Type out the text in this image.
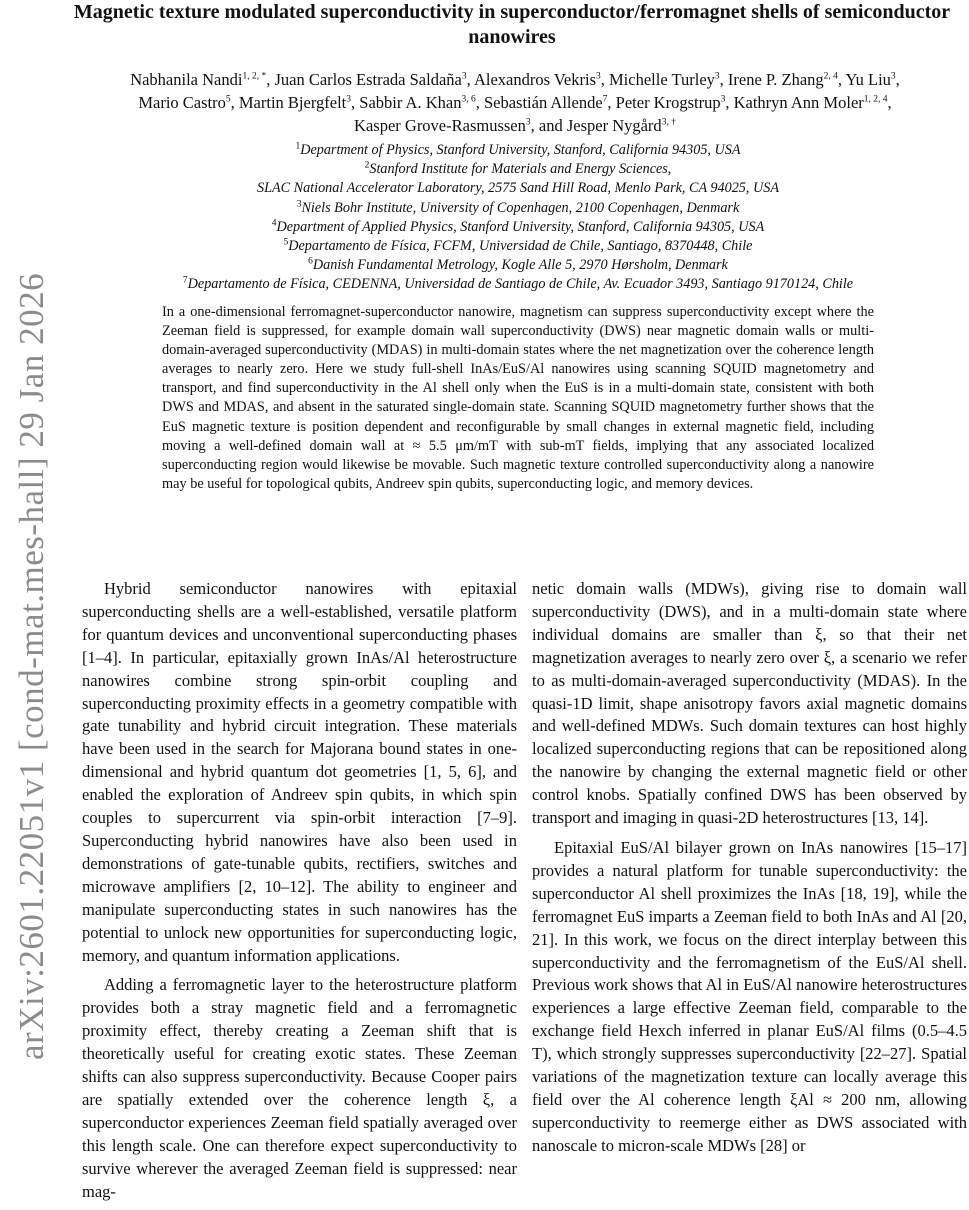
arXiv:2601.22051v1 [cond-mat.mes-hall] 29 Jan 2026
Magnetic texture modulated superconductivity in superconductor/ferromagnet shells of semiconductor nanowires
Nabhanila Nandi$^{1, 2, *}$, Juan Carlos Estrada Saldaña$^3$, Alexandros Vekris$^3$, Michelle Turley$^3$, Irene P. Zhang$^{2, 4}$, Yu Liu$^3$, Mario Castro$^5$, Martin Bjergfelt$^3$, Sabbir A. Khan$^{3, 6}$, Sebastián Allende$^7$, Peter Krogstrup$^3$, Kathryn Ann Moler$^{1, 2, 4}$, Kasper Grove-Rasmussen$^3$, and Jesper Nygård$^{3, \dagger}$
$^1$Department of Physics, Stanford University, Stanford, California 94305, USA
$^2$Stanford Institute for Materials and Energy Sciences,
SLAC National Accelerator Laboratory, 2575 Sand Hill Road, Menlo Park, CA 94025, USA
$^3$Niels Bohr Institute, University of Copenhagen, 2100 Copenhagen, Denmark
$^4$Department of Applied Physics, Stanford University, Stanford, California 94305, USA
$^5$Departamento de Física, FCFM, Universidad de Chile, Santiago, 8370448, Chile
$^6$Danish Fundamental Metrology, Kogle Alle 5, 2970 Hørsholm, Denmark
$^7$Departamento de Física, CEDENNA, Universidad de Santiago de Chile, Av. Ecuador 3493, Santiago 9170124, Chile
In a one-dimensional ferromagnet-superconductor nanowire, magnetism can suppress superconductivity except where the Zeeman field is suppressed, for example domain wall superconductivity (DWS) near magnetic domain walls or multi-domain-averaged superconductivity (MDAS) in multi-domain states where the net magnetization over the coherence length averages to nearly zero. Here we study full-shell InAs/EuS/Al nanowires using scanning SQUID magnetometry and transport, and find superconductivity in the Al shell only when the EuS is in a multi-domain state, consistent with both DWS and MDAS, and absent in the saturated single-domain state. Scanning SQUID magnetometry further shows that the EuS magnetic texture is position dependent and reconfigurable by small changes in external magnetic field, including moving a well-defined domain wall at ≈ 5.5 μm/mT with sub-mT fields, implying that any associated localized superconducting region would likewise be movable. Such magnetic texture controlled superconductivity along a nanowire may be useful for topological qubits, Andreev spin qubits, superconducting logic, and memory devices.

Hybrid semiconductor nanowires with epitaxial superconducting shells are a well-established, versatile platform for quantum devices and unconventional superconducting phases [1–4]. In particular, epitaxially grown InAs/Al heterostructure nanowires combine strong spin-orbit coupling and superconducting proximity effects in a geometry compatible with gate tunability and hybrid circuit integration. These materials have been used in the search for Majorana bound states in one-dimensional and hybrid quantum dot geometries [1, 5, 6], and enabled the exploration of Andreev spin qubits, in which spin couples to supercurrent via spin-orbit interaction [7–9]. Superconducting hybrid nanowires have also been used in demonstrations of gate-tunable qubits, rectifiers, switches and microwave amplifiers [2, 10–12]. The ability to engineer and manipulate superconducting states in such nanowires has the potential to unlock new opportunities for superconducting logic, memory, and quantum information applications.

Adding a ferromagnetic layer to the heterostructure platform provides both a stray magnetic field and a ferromagnetic proximity effect, thereby creating a Zeeman shift that is theoretically useful for creating exotic states. These Zeeman shifts can also suppress superconductivity. Because Cooper pairs are spatially extended over the coherence length ξ, a superconductor experiences Zeeman field spatially averaged over this length scale. One can therefore expect superconductivity to survive wherever the averaged Zeeman field is suppressed: near mag-

netic domain walls (MDWs), giving rise to domain wall superconductivity (DWS), and in a multi-domain state where individual domains are smaller than ξ, so that their net magnetization averages to nearly zero over ξ, a scenario we refer to as multi-domain-averaged superconductivity (MDAS). In the quasi-1D limit, shape anisotropy favors axial magnetic domains and well-defined MDWs. Such domain textures can host highly localized superconducting regions that can be repositioned along the nanowire by changing the external magnetic field or other control knobs. Spatially confined DWS has been observed by transport and imaging in quasi-2D heterostructures [13, 14].

Epitaxial EuS/Al bilayer grown on InAs nanowires [15–17] provides a natural platform for tunable superconductivity: the superconductor Al shell proximizes the InAs [18, 19], while the ferromagnet EuS imparts a Zeeman field to both InAs and Al [20, 21]. In this work, we focus on the direct interplay between this superconductivity and the ferromagnetism of the EuS/Al shell. Previous work shows that Al in EuS/Al nanowire heterostructures experiences a large effective Zeeman field, comparable to the exchange field Hexch inferred in planar EuS/Al films (0.5–4.5 T), which strongly suppresses superconductivity [22–27]. Spatial variations of the magnetization texture can locally average this field over the Al coherence length ξAl ≈ 200 nm, allowing superconductivity to reemerge either as DWS associated with nanoscale to micron-scale MDWs [28] or
